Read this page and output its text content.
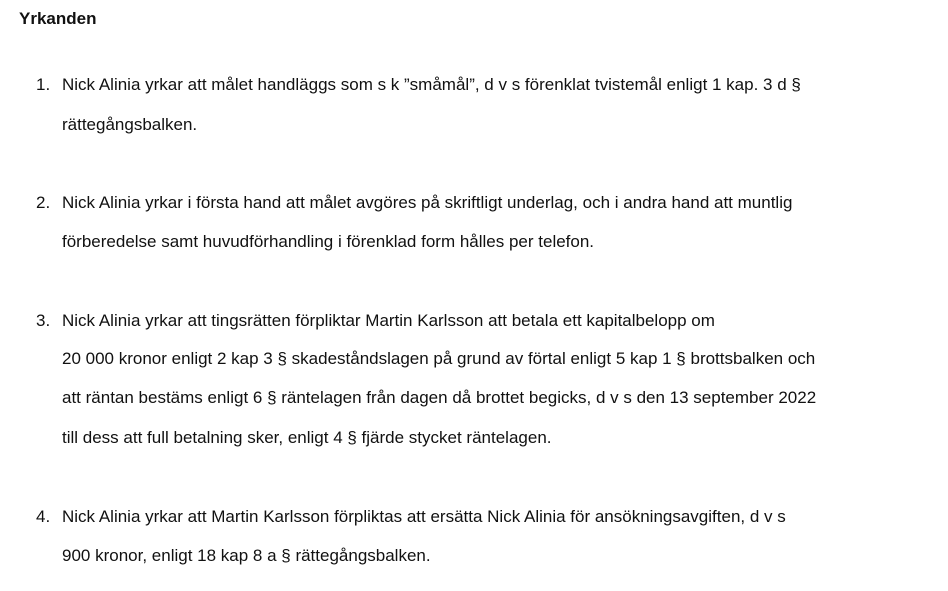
Yrkanden
1. Nick Alinia yrkar att målet handläggs som s k ”småmål”, d v s förenklat tvistemål enligt 1 kap. 3 d §
rättegångsbalken.
2. Nick Alinia yrkar i första hand att målet avgöres på skriftligt underlag, och i andra hand att muntlig
förberedelse samt huvudförhandling i förenklad form hålles per telefon.
3. Nick Alinia yrkar att tingsrätten förpliktar Martin Karlsson att betala ett kapitalbelopp om
20 000 kronor enligt 2 kap 3 § skadeståndslagen på grund av förtal enligt 5 kap 1 § brottsbalken och
att räntan bestäms enligt 6 § räntelagen från dagen då brottet begicks, d v s den 13 september 2022
till dess att full betalning sker, enligt 4 § fjärde stycket räntelagen.
4. Nick Alinia yrkar att Martin Karlsson förpliktas att ersätta Nick Alinia för ansökningsavgiften, d v s
900 kronor, enligt 18 kap 8 a § rättegångsbalken.
